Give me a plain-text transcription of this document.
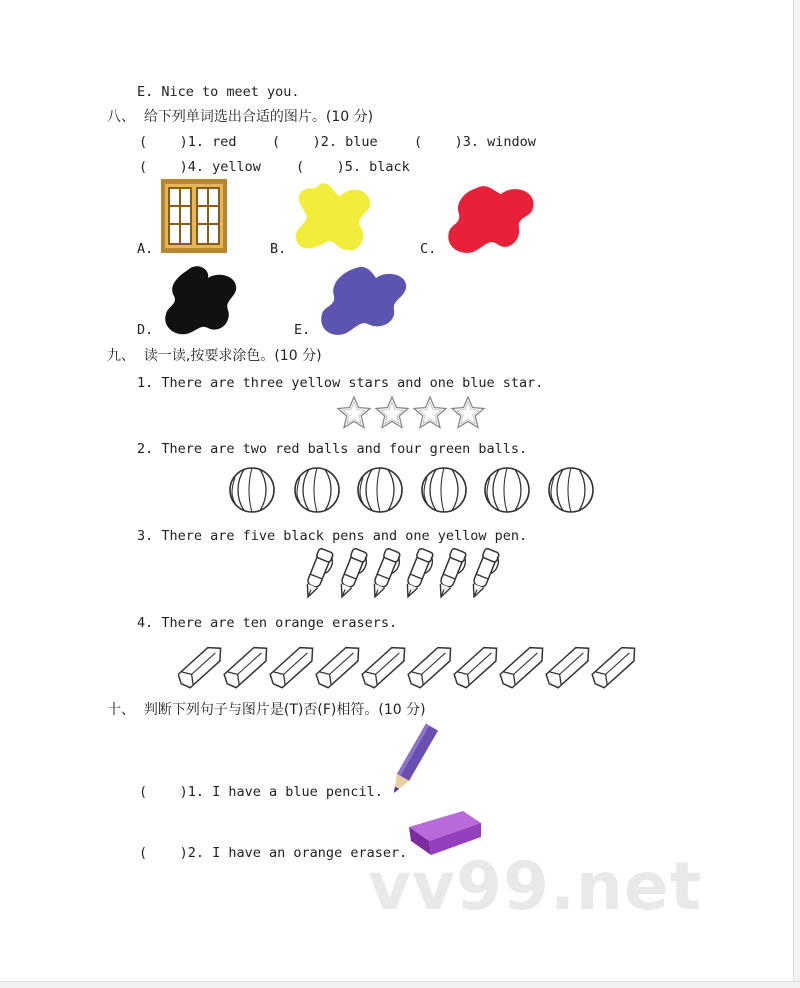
E. Nice to meet you.
八、  给下列单词选出合适的图片。(10 分)
(    )1. red	(    )2. blue	(    )3. window
(    )4. yellow	(    )5. black
A.	B.	C.
D.	E.
九、  读一读,按要求涂色。(10 分)
1. There are three yellow stars and one blue star.
2. There are two red balls and four green balls.
3. There are five black pens and one yellow pen.
4. There are ten orange erasers.
十、  判断下列句子与图片是(T)否(F)相符。(10 分)
(    )1. I have a blue pencil.
(    )2. I have an orange eraser.
vv99.net
